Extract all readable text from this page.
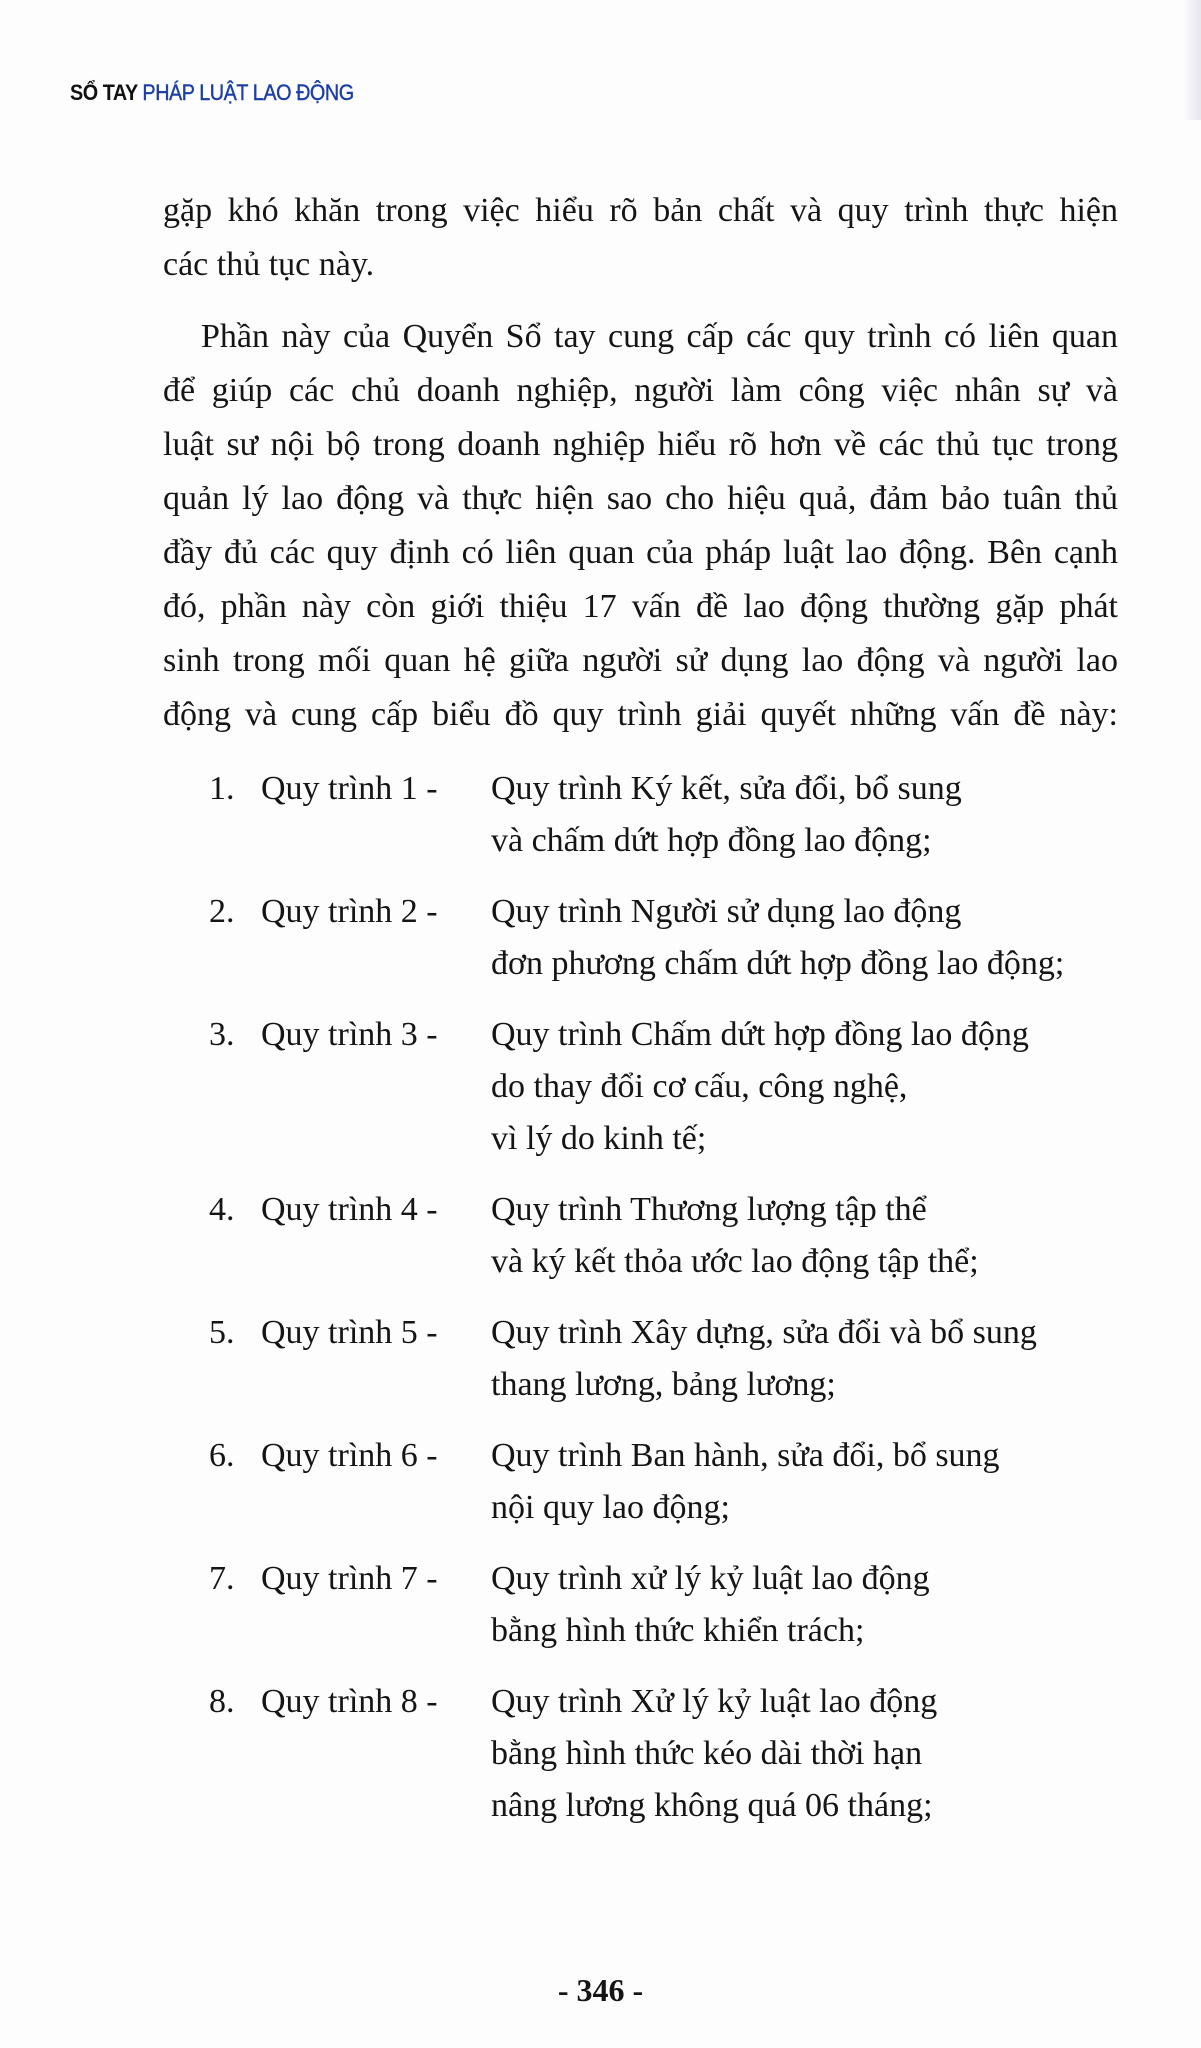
SỔ TAY PHÁP LUẬT LAO ĐỘNG
gặp khó khăn trong việc hiểu rõ bản chất và quy trình thực hiện
các thủ tục này.
Phần này của Quyển Sổ tay cung cấp các quy trình có liên quan
để giúp các chủ doanh nghiệp, người làm công việc nhân sự và
luật sư nội bộ trong doanh nghiệp hiểu rõ hơn về các thủ tục trong
quản lý lao động và thực hiện sao cho hiệu quả, đảm bảo tuân thủ
đầy đủ các quy định có liên quan của pháp luật lao động. Bên cạnh
đó, phần này còn giới thiệu 17 vấn đề lao động thường gặp phát
sinh trong mối quan hệ giữa người sử dụng lao động và người lao
động và cung cấp biểu đồ quy trình giải quyết những vấn đề này:
1. Quy trình 1 -	Quy trình Ký kết, sửa đổi, bổ sung
và chấm dứt hợp đồng lao động;
2. Quy trình 2 -	Quy trình Người sử dụng lao động
đơn phương chấm dứt hợp đồng lao động;
3. Quy trình 3 -	Quy trình Chấm dứt hợp đồng lao động
do thay đổi cơ cấu, công nghệ,
vì lý do kinh tế;
4. Quy trình 4 -	Quy trình Thương lượng tập thể
và ký kết thỏa ước lao động tập thể;
5. Quy trình 5 -	Quy trình Xây dựng, sửa đổi và bổ sung
thang lương, bảng lương;
6. Quy trình 6 -	Quy trình Ban hành, sửa đổi, bổ sung
nội quy lao động;
7. Quy trình 7 -	Quy trình xử lý kỷ luật lao động
bằng hình thức khiển trách;
8. Quy trình 8 -	Quy trình Xử lý kỷ luật lao động
bằng hình thức kéo dài thời hạn
nâng lương không quá 06 tháng;
- 346 -
